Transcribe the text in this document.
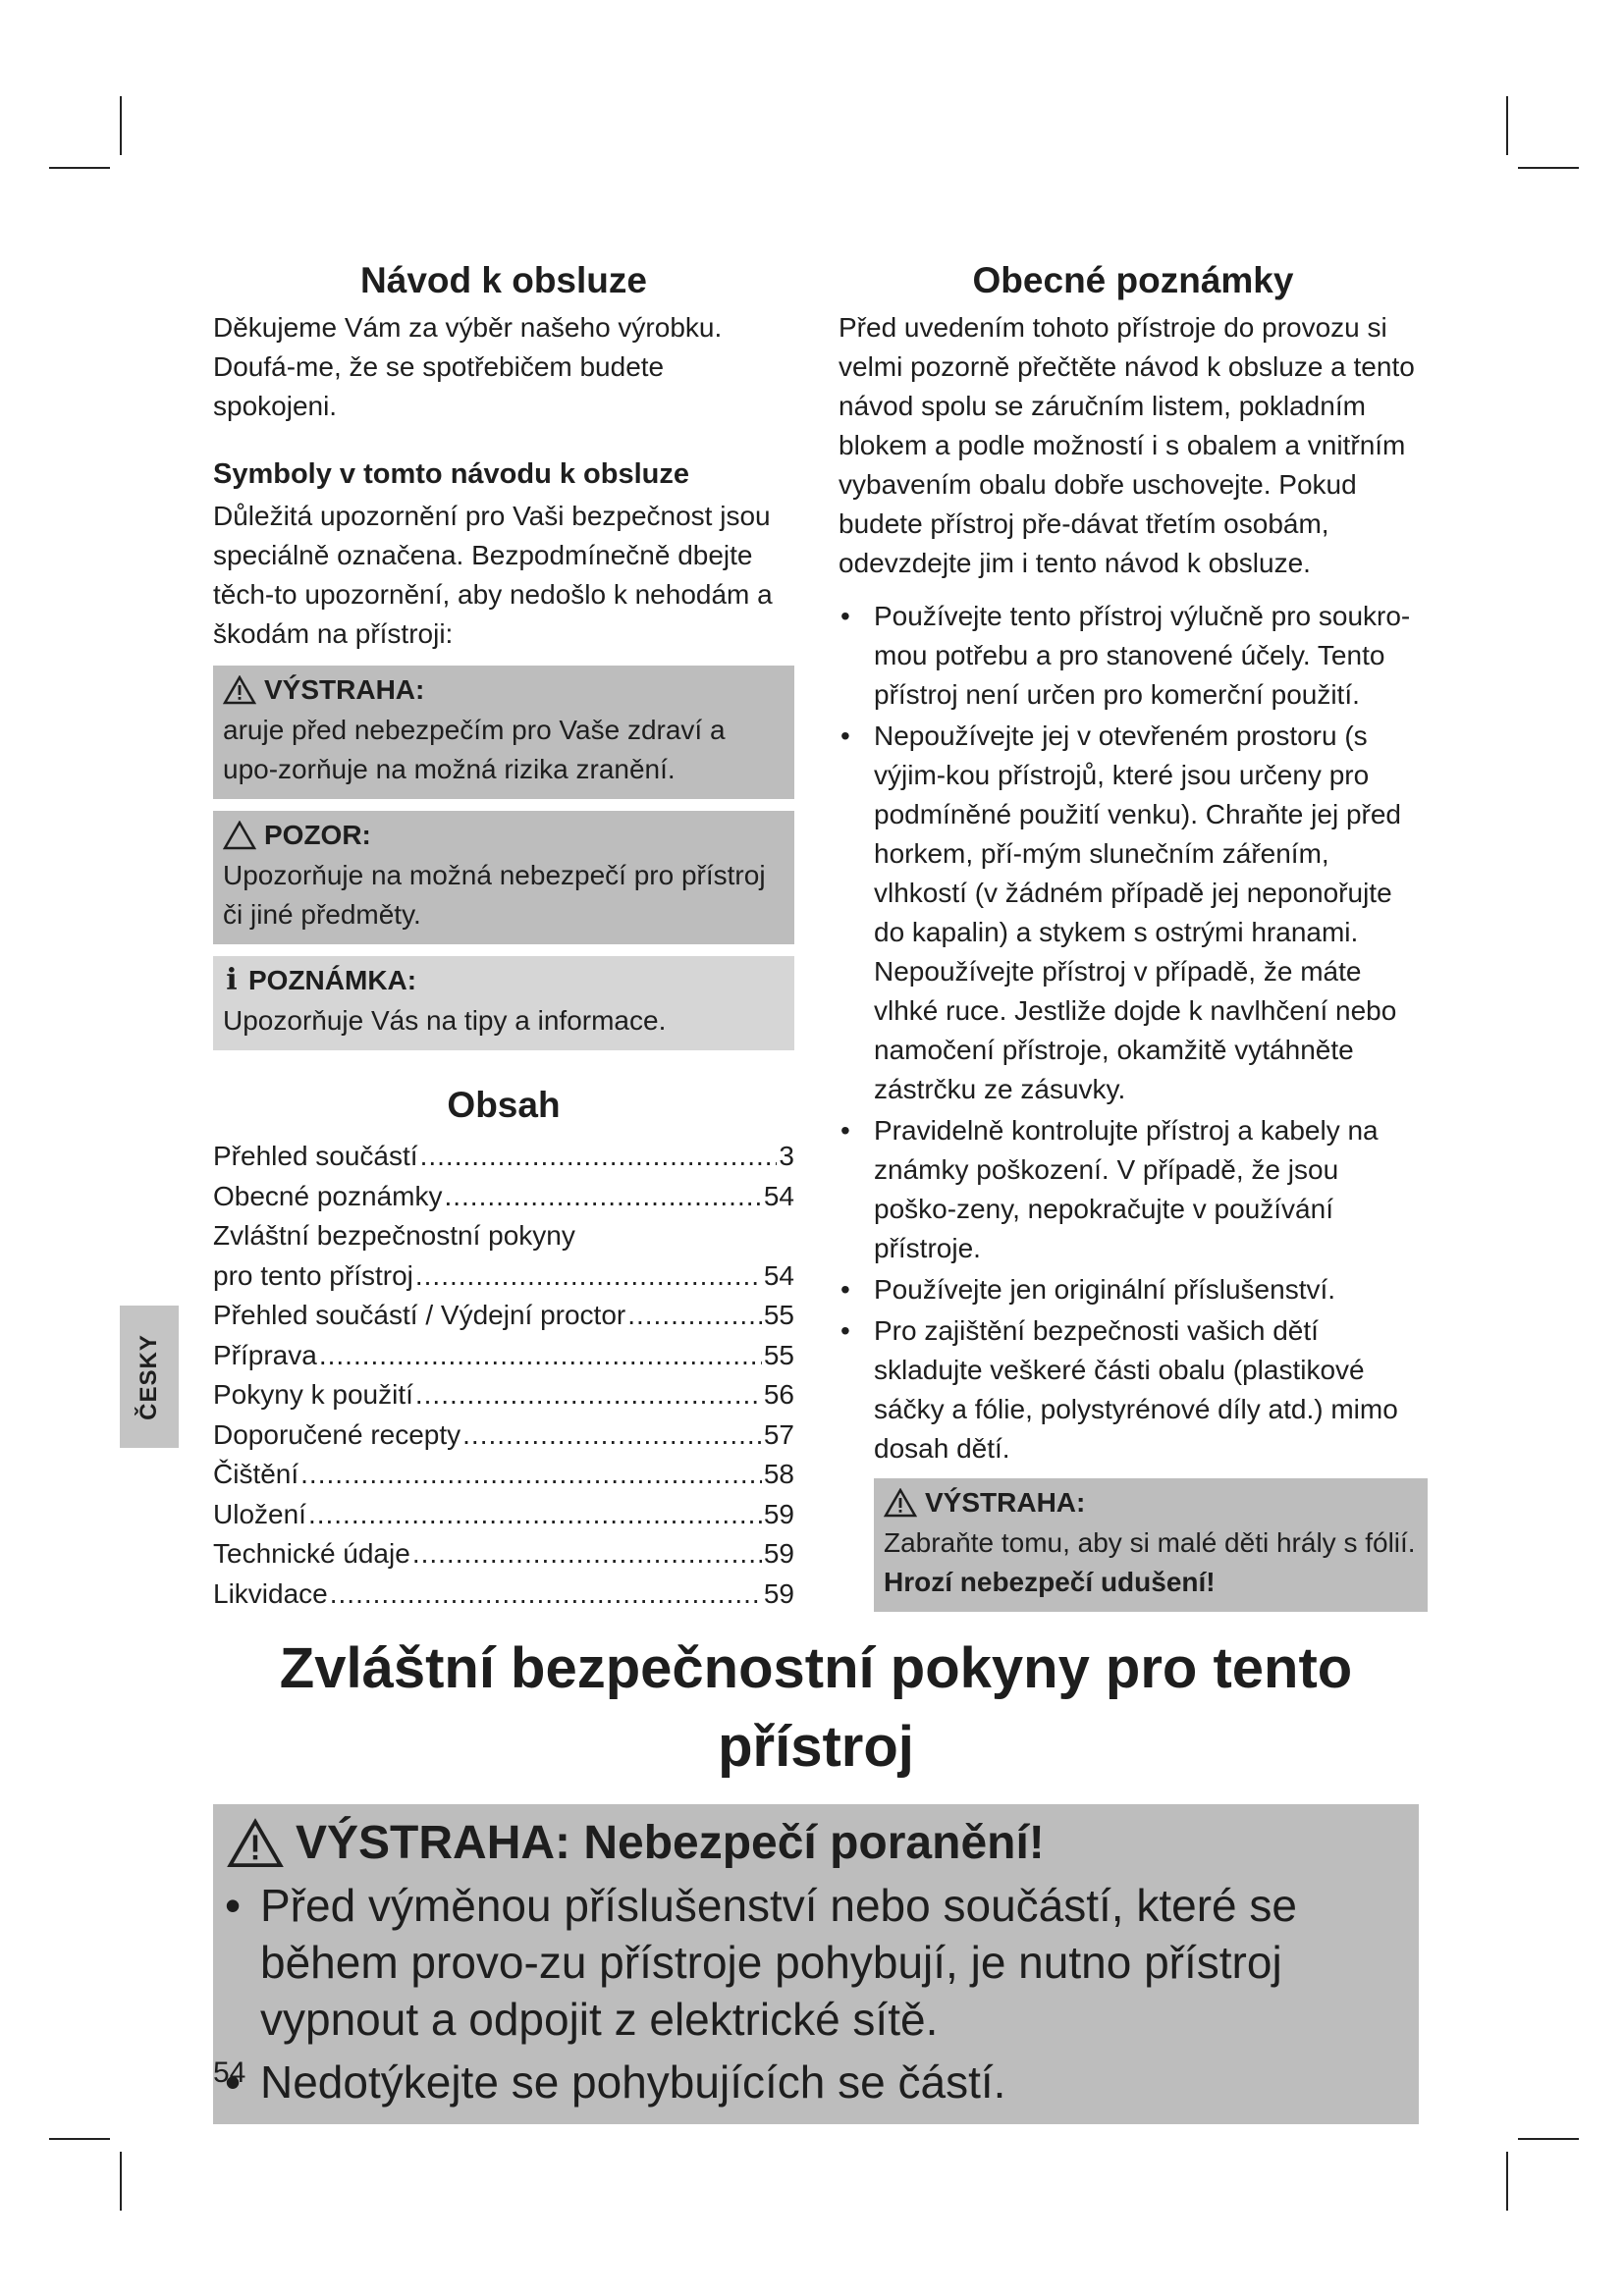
Návod k obsluze

Děkujeme Vám za výběr našeho výrobku. Doufá-me, že se spotřebičem budete spokojeni.

Symboly v tomto návodu k obsluze

Důležitá upozornění pro Vaši bezpečnost jsou speciálně označena. Bezpodmínečně dbejte těch-to upozornění, aby nedošlo k nehodám a škodám na přístroji:

VÝSTRAHA:
aruje před nebezpečím pro Vaše zdraví a upo-zorňuje na možná rizika zranění.
POZOR:
Upozorňuje na možná nebezpečí pro přístroj či jiné předměty.
i POZNÁMKA:
Upozorňuje Vás na tipy a informace.
Obsah
Přehled součástí .....	3
Obecné poznámky .....	54
Zvláštní bezpečnostní pokyny
pro tento přístroj .....	54
Přehled součástí / Výdejní proctor .....	55
Příprava .....	55
Pokyny k použití .....	56
Doporučené recepty .....	57
Čištění .....	58
Uložení .....	59
Technické údaje .....	59
Likvidace .....	59
Obecné poznámky

Před uvedením tohoto přístroje do provozu si velmi pozorně přečtěte návod k obsluze a tento návod spolu se záručním listem, pokladním blokem a podle možností i s obalem a vnitřním vybavením obalu dobře uschovejte. Pokud budete přístroj pře-dávat třetím osobám, odevzdejte jim i tento návod k obsluze.

• Používejte tento přístroj výlučně pro soukro-mou potřebu a pro stanovené účely. Tento přístroj není určen pro komerční použití.
• Nepoužívejte jej v otevřeném prostoru (s výjim-kou přístrojů, které jsou určeny pro podmíněné použití venku). Chraňte jej před horkem, pří-mým slunečním zářením, vlhkostí (v žádném případě jej neponořujte do kapalin) a stykem s ostrými hranami. Nepoužívejte přístroj v případě, že máte vlhké ruce. Jestliže dojde k navlhčení nebo namočení přístroje, okamžitě vytáhněte zástrčku ze zásuvky.
• Pravidelně kontrolujte přístroj a kabely na známky poškození. V případě, že jsou poško-zeny, nepokračujte v používání přístroje.
• Používejte jen originální příslušenství.
• Pro zajištění bezpečnosti vašich dětí skladujte veškeré části obalu (plastikové sáčky a fólie, polystyrénové díly atd.) mimo dosah dětí.
VÝSTRAHA:
Zabraňte tomu, aby si malé děti hrály s fólií.
Hrozí nebezpečí udušení!
ČESKY
Zvláštní bezpečnostní pokyny pro tento přístroj
VÝSTRAHA: Nebezpečí poranění!
• Před výměnou příslušenství nebo součástí, které se během provo-zu přístroje pohybují, je nutno přístroj vypnout a odpojit z elektrické sítě.
• Nedotýkejte se pohybujících se částí.
54
